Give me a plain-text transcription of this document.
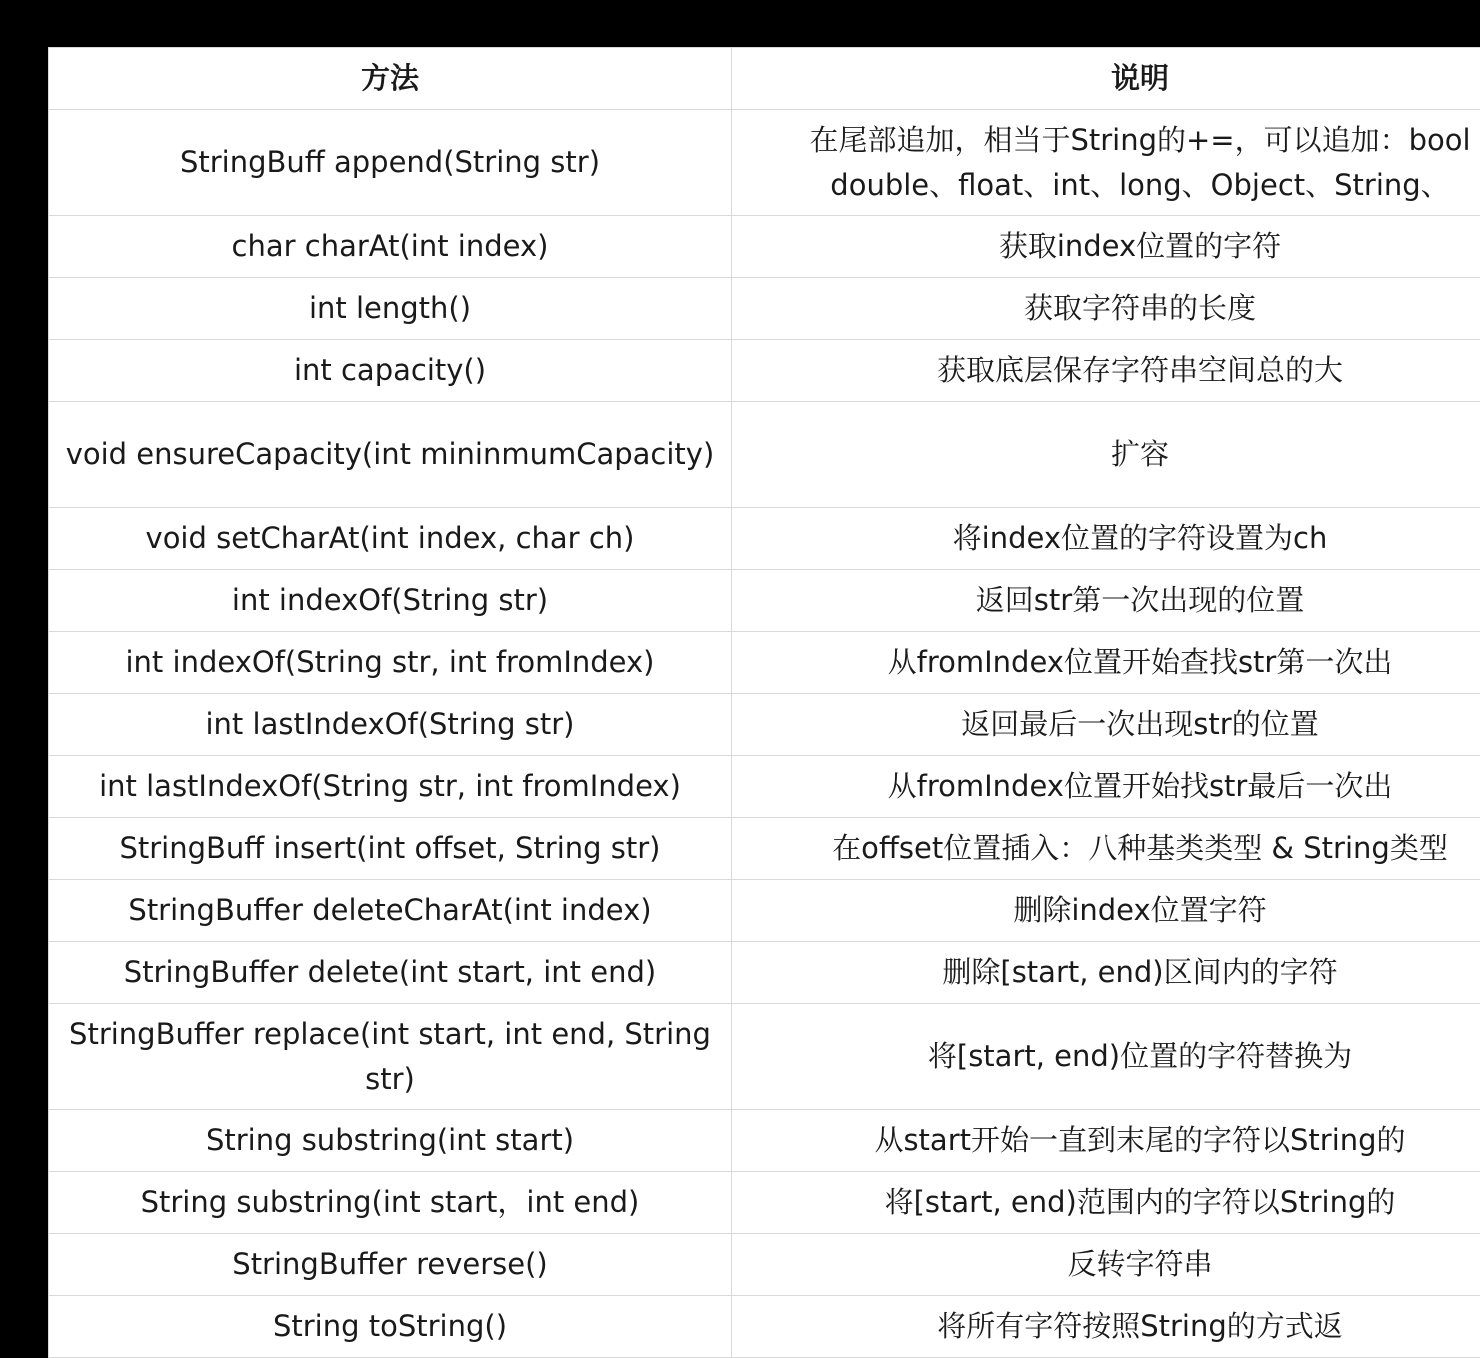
方法	说明
StringBuff append(String str)	在尾部追加，相当于String的+=，可以追加：bool
double、float、int、long、Object、String、

char charAt(int index)	获取index位置的字符

int length()	获取字符串的长度

int capacity()	获取底层保存字符串空间总的大

void ensureCapacity(int mininmumCapacity)	扩容

void setCharAt(int index, char ch)	将index位置的字符设置为ch

int indexOf(String str)	返回str第一次出现的位置

int indexOf(String str, int fromIndex)	从fromIndex位置开始查找str第一次出

int lastIndexOf(String str)	返回最后一次出现str的位置

int lastIndexOf(String str, int fromIndex)	从fromIndex位置开始找str最后一次出

StringBuff insert(int offset, String str)	在offset位置插入：八种基类类型 & String类型

StringBuffer deleteCharAt(int index)	删除index位置字符

StringBuffer delete(int start, int end)	删除[start, end)区间内的字符

StringBuffer replace(int start, int end, String str)	将[start, end)位置的字符替换为

String substring(int start)	从start开始一直到末尾的字符以String的

String substring(int start，int end)	将[start, end)范围内的字符以String的

StringBuffer reverse()	反转字符串

String toString()	将所有字符按照String的方式返
